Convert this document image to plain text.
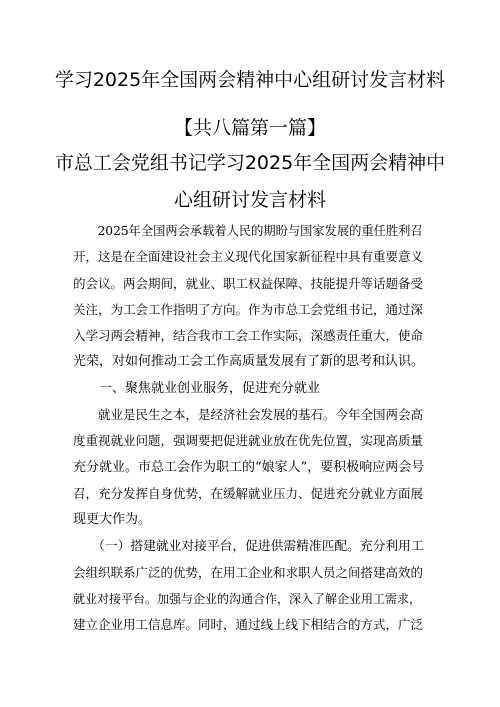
学习2025年全国两会精神中心组研讨发言材料
【共八篇第一篇】
市总工会党组书记学习2025年全国两会精神中
心组研讨发言材料
　　2025年全国两会承载着人民的期盼与国家发展的重任胜利召
开，这是在全面建设社会主义现代化国家新征程中具有重要意义
的会议。两会期间，就业、职工权益保障、技能提升等话题备受
关注，为工会工作指明了方向。作为市总工会党组书记，通过深
入学习两会精神，结合我市工会工作实际，深感责任重大，使命
光荣，对如何推动工会工作高质量发展有了新的思考和认识。
　　一、聚焦就业创业服务，促进充分就业
　　就业是民生之本，是经济社会发展的基石。今年全国两会高
度重视就业问题，强调要把促进就业放在优先位置，实现高质量
充分就业。市总工会作为职工的“娘家人”，要积极响应两会号
召，充分发挥自身优势，在缓解就业压力、促进充分就业方面展
现更大作为。
　　（一）搭建就业对接平台，促进供需精准匹配。充分利用工
会组织联系广泛的优势，在用工企业和求职人员之间搭建高效的
就业对接平台。加强与企业的沟通合作，深入了解企业用工需求，
建立企业用工信息库。同时，通过线上线下相结合的方式，广泛
